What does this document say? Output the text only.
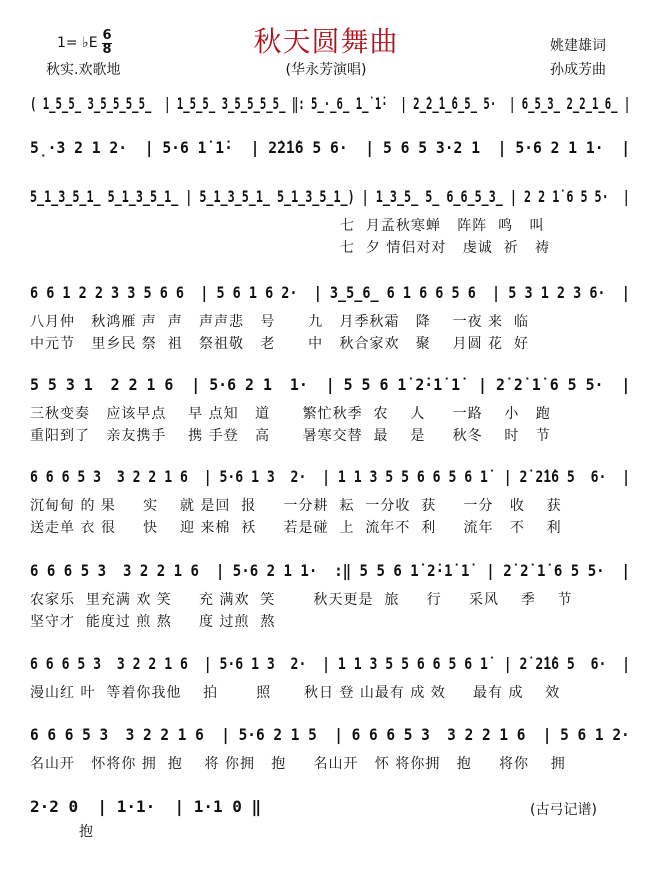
秋天圆舞曲
1= ♭E 6
8
秋实.欢歌地	(华永芳演唱)
姚建雄词
孙成芳曲
( 1̲5̲5̲ 3̲5̲5̲5̲5̲  | 1̲5̲5̲ 3̲5̲5̲5̲5̲ ‖: 5̲·̲6̲ 1̲̇ 1̇·  | 2̲̇2̲̇1̲̇6̲5̲ 5·  | 6̲5̲3̲ 2̲2̲1̲6̲ |
5̣·3 2 1 2·  | 5·6 1̇ 1̇·  | 2̇2̇1̇6 5 6·  | 5 6 5 3·2 1  | 5·6 2 1 1·  |
5̲1̲3̲5̲1̲ 5̲1̲3̲5̲1̲ | 5̲1̲3̲5̲1̲ 5̲1̲3̲5̲1̲) | 1̲3̲5̲ 5̲ 6̲6̲5̲3̲ | 2 2 1̇ 6 5 5·  |
七  月孟秋寒蝉   阵阵  鸣   叫
七  夕 情侣对对   虔诚  祈   祷
6 6 1 2 2 3 3 5 6 6  | 5 6 1 6 2·  | 3̲5̲6̲ 6 1 6 6 5 6  | 5 3 1 2 3 6·  |
八月仲   秋鸿雁 声  声   声声悲   号      九   月季秋霜   降    一夜 来  临
中元节   里乡民 祭  祖   祭祖敬   老      中   秋合家欢   聚    月圆 花  好
5 5 3 1  2 2 1 6  | 5·6 2 1  1·  | 5 5 6 1̇ 2̇·1̇ 1̇  | 2̇ 2̇ 1̇ 6 5 5·  |
三秋变奏   应该早点    早 点知   道      繁忙秋季  农    人     一路    小   跑
重阳到了   亲友携手    携 手登   高      暑寒交替  最    是     秋冬    时   节
6 6 6 5 3  3 2 2 1 6  | 5·6 1 3  2·  | 1 1 3 5 5 6 6 5 6 1̇  | 2̇ 2̇1̇6 5  6·  |
沉甸甸 的 果     实    就 是回  报     一分耕  耘  一分收  获     一分   收    获
送走单 衣 很     快    迎 来棉  袄     若是碰  上  流年不  利     流年   不    利
6 6 6 5 3  3 2 2 1 6  | 5·6 2 1 1·  :‖ 5 5 6 1̇ 2̇·1̇ 1̇  | 2̇ 2̇ 1̇ 6 5 5·  |
农家乐  里充满 欢 笑     充 满欢  笑       秋天更是  旅     行     采风    季    节
坚守才  能度过 煎 熬     度 过煎  熬
6 6 6 5 3  3 2 2 1 6  | 5·6 1 3  2·  | 1 1 3 5 5 6 6 5 6 1̇  | 2̇ 2̇1̇6 5  6·  |
漫山红 叶  等着你我他    拍       照      秋日 登 山最有 成 效     最有 成    效
6 6 6 5 3  3 2 2 1 6  | 5·6 2 1 5  | 6 6 6 5 3  3 2 2 1 6  | 5 6 1 2·
名山开   怀将你 拥  抱    将 你拥   抱     名山开   怀 将你拥   抱     将你    拥
2·2 0  | 1·1·  | 1·1 0 ‖
抱
(古弓记谱)
